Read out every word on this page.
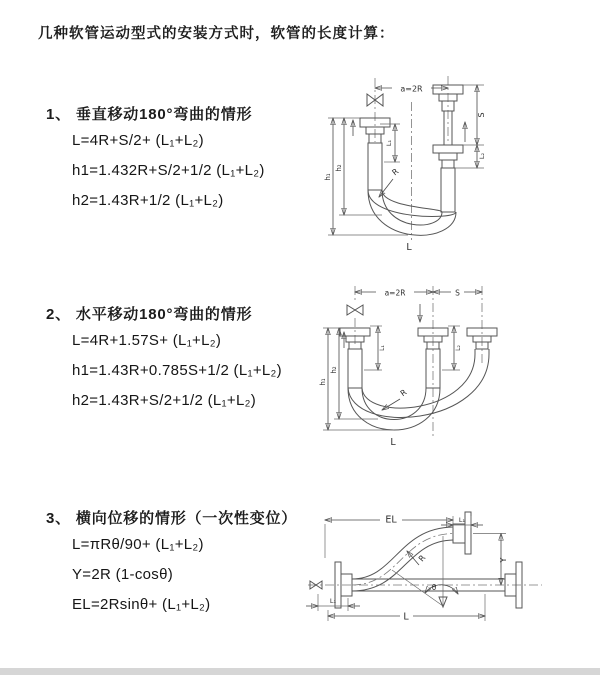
几种软管运动型式的安装方式时，软管的长度计算：
1、 垂直移动180°弯曲的情形
L=4R+S/2+ (L₁+L₂)
h1=1.432R+S/2+1/2 (L₁+L₂)
h2=1.43R+1/2 (L₁+L₂)
2、 水平移动180°弯曲的情形
L=4R+1.57S+ (L₁+L₂)
h1=1.43R+0.785S+1/2 (L₁+L₂)
h2=1.43R+S/2+1/2 (L₁+L₂)
3、 横向位移的情形（一次性变位）
L=πRθ/90+ (L₁+L₂)
Y=2R (1-cosθ)
EL=2Rsinθ+ (L₁+L₂)
a=2R
L₁
S
L₂
h₁
h₂	R
L
a=2R	S
h₁
h₂
L₁	L₂
R
L
θ
EL	L₁
Y
R
L
L₁
